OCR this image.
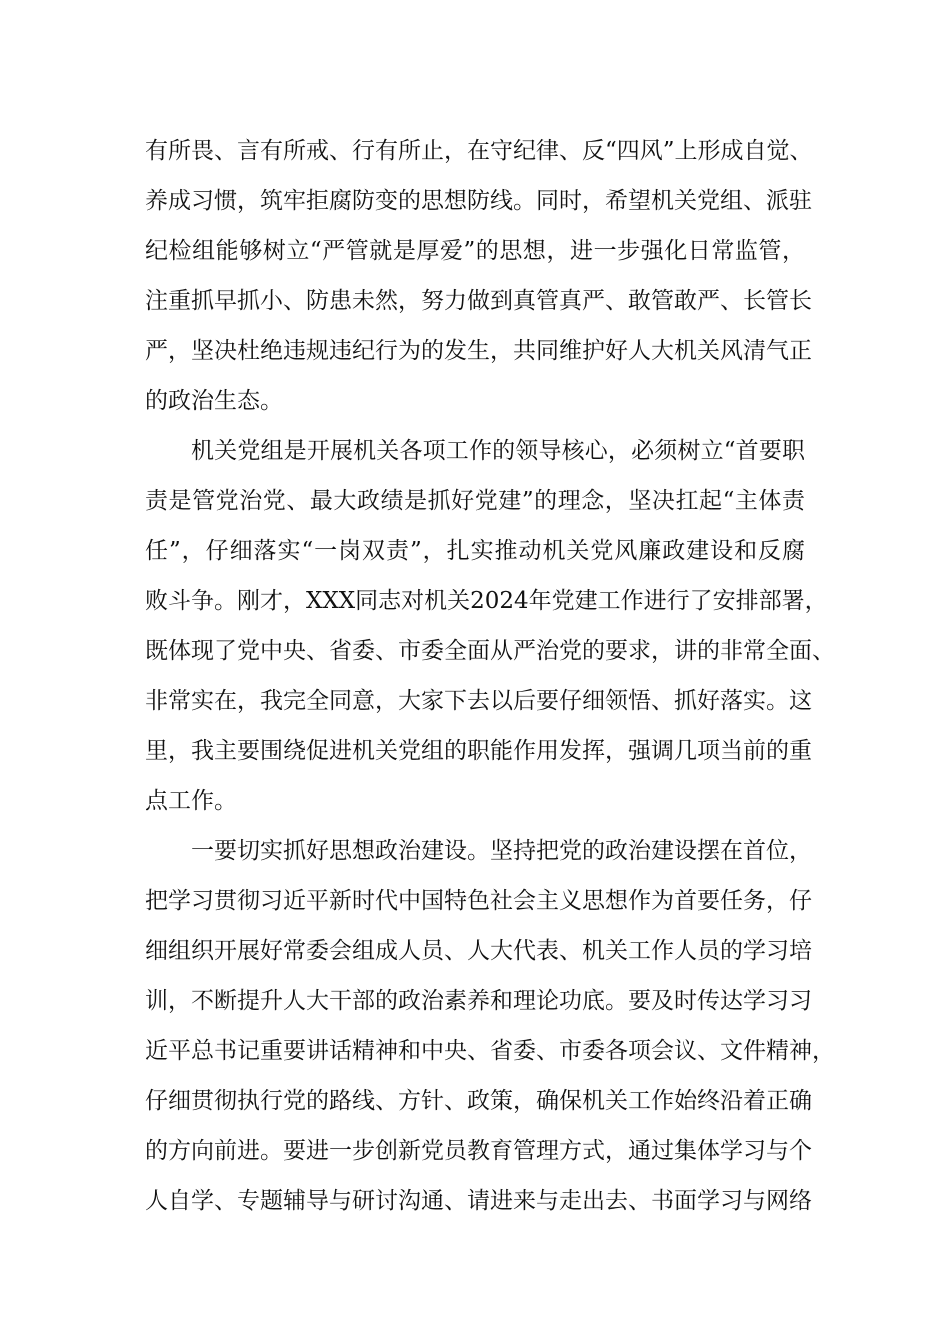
有所畏、言有所戒、行有所止，在守纪律、反“四风”上形成自觉、
养成习惯，筑牢拒腐防变的思想防线。同时，希望机关党组、派驻
纪检组能够树立“严管就是厚爱”的思想，进一步强化日常监管，
注重抓早抓小、防患未然，努力做到真管真严、敢管敢严、长管长
严，坚决杜绝违规违纪行为的发生，共同维护好人大机关风清气正
的政治生态。
机关党组是开展机关各项工作的领导核心，必须树立“首要职
责是管党治党、最大政绩是抓好党建”的理念，坚决扛起“主体责
任”，仔细落实“一岗双责”，扎实推动机关党风廉政建设和反腐
败斗争。刚才，XXX同志对机关2024年党建工作进行了安排部署，
既体现了党中央、省委、市委全面从严治党的要求，讲的非常全面、
非常实在，我完全同意，大家下去以后要仔细领悟、抓好落实。这
里，我主要围绕促进机关党组的职能作用发挥，强调几项当前的重
点工作。
一要切实抓好思想政治建设。坚持把党的政治建设摆在首位，
把学习贯彻习近平新时代中国特色社会主义思想作为首要任务，仔
细组织开展好常委会组成人员、人大代表、机关工作人员的学习培
训，不断提升人大干部的政治素养和理论功底。要及时传达学习习
近平总书记重要讲话精神和中央、省委、市委各项会议、文件精神，
仔细贯彻执行党的路线、方针、政策，确保机关工作始终沿着正确
的方向前进。要进一步创新党员教育管理方式，通过集体学习与个
人自学、专题辅导与研讨沟通、请进来与走出去、书面学习与网络
